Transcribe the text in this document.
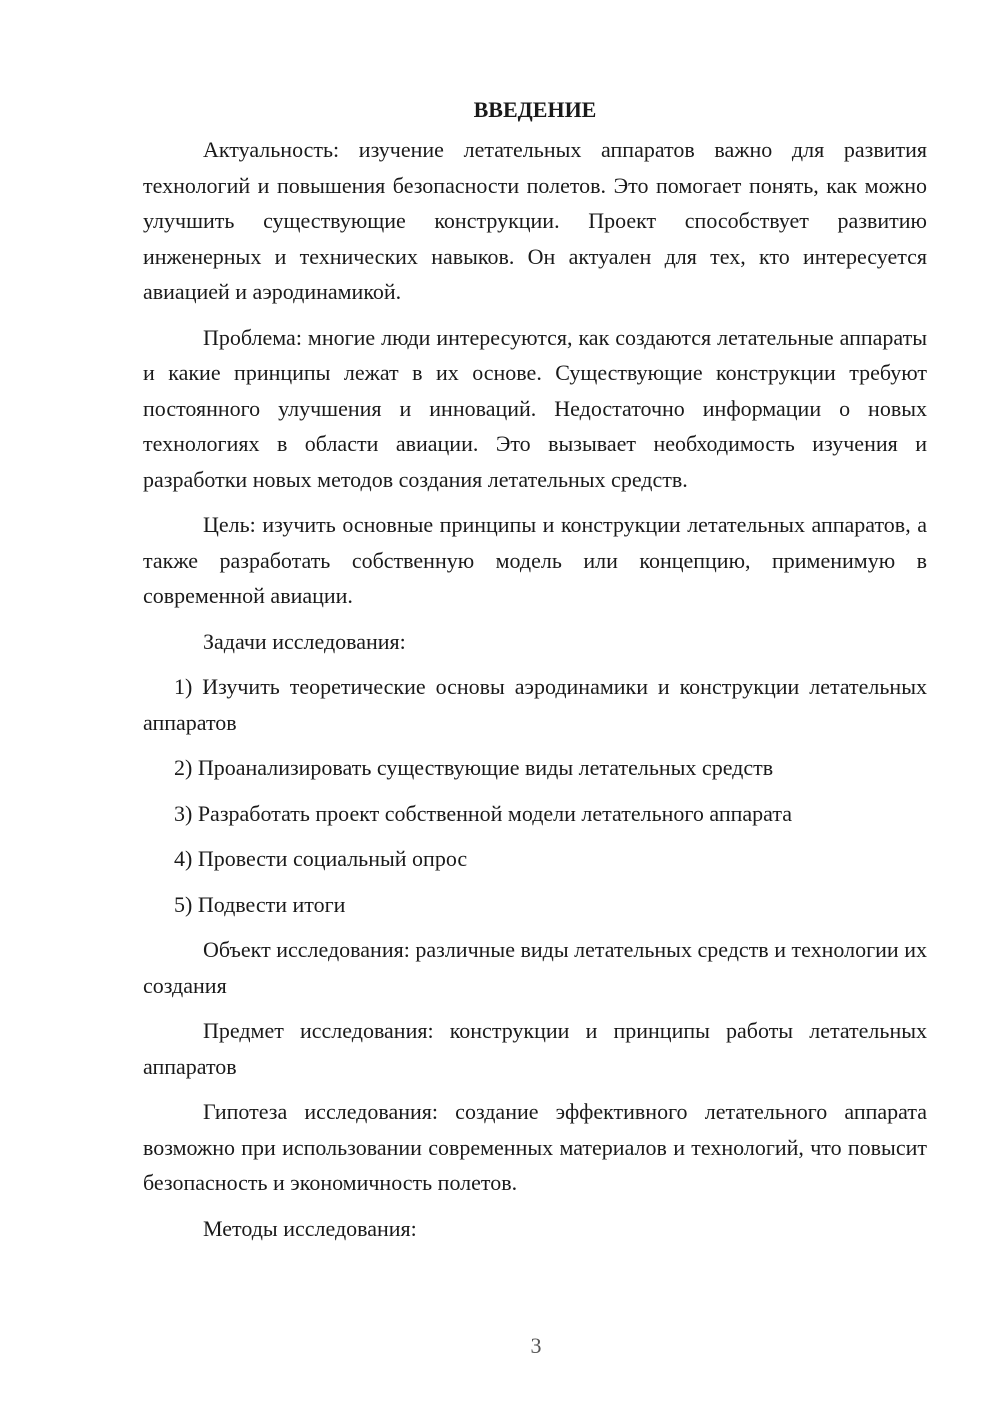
ВВЕДЕНИЕ

Актуальность: изучение летательных аппаратов важно для развития технологий и повышения безопасности полетов. Это помогает понять, как можно улучшить существующие конструкции. Проект способствует развитию инженерных и технических навыков. Он актуален для тех, кто интересуется авиацией и аэродинамикой.

Проблема: многие люди интересуются, как создаются летательные аппараты и какие принципы лежат в их основе. Существующие конструкции требуют постоянного улучшения и инноваций. Недостаточно информации о новых технологиях в области авиации. Это вызывает необходимость изучения и разработки новых методов создания летательных средств.

Цель: изучить основные принципы и конструкции летательных аппаратов, а также разработать собственную модель или концепцию, применимую в современной авиации.

Задачи исследования:

1) Изучить теоретические основы аэродинамики и конструкции летательных аппаратов

2) Проанализировать существующие виды летательных средств

3) Разработать проект собственной модели летательного аппарата

4) Провести социальный опрос

5) Подвести итоги

Объект исследования: различные виды летательных средств и технологии их создания

Предмет исследования: конструкции и принципы работы летательных аппаратов

Гипотеза исследования: создание эффективного летательного аппарата возможно при использовании современных материалов и технологий, что повысит безопасность и экономичность полетов.

Методы исследования:

3
